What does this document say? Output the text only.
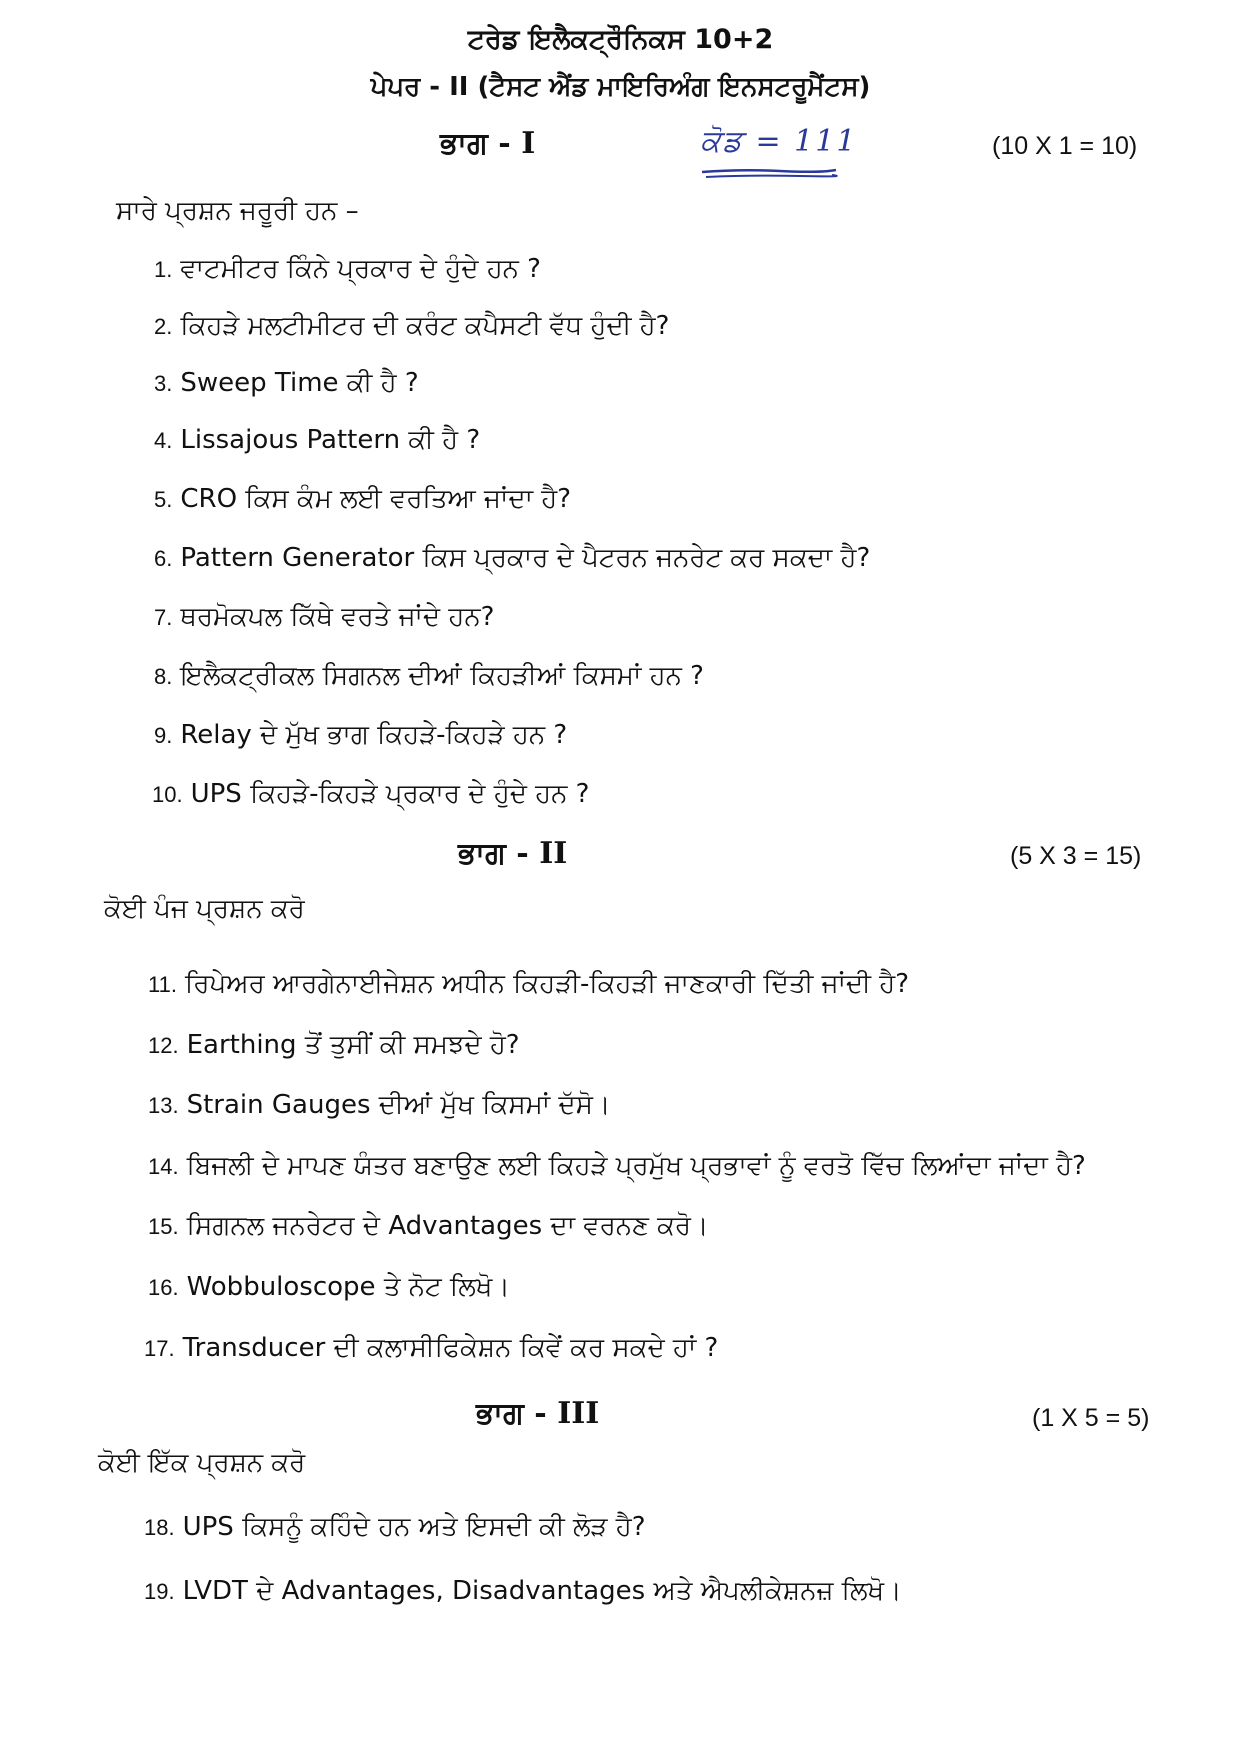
ਟਰੇਡ ਇਲੈਕਟ੍ਰੌਨਿਕਸ 10+2
ਪੇਪਰ - II (ਟੈਸਟ ਐਂਡ ਮਾਇਰਿਅੰਗ ਇਨਸਟਰੂਮੈਂਟਸ)
ਭਾਗ - I	ਕੋਡ = 111	(10 X 1 = 10)
ਸਾਰੇ ਪ੍ਰਸ਼ਨ ਜਰੂਰੀ ਹਨ –
1. ਵਾਟਮੀਟਰ ਕਿੰਨੇ ਪ੍ਰਕਾਰ ਦੇ ਹੁੰਦੇ ਹਨ ?
2. ਕਿਹੜੇ ਮਲਟੀਮੀਟਰ ਦੀ ਕਰੰਟ ਕਪੈਸਟੀ ਵੱਧ ਹੁੰਦੀ ਹੈ?
3. Sweep Time ਕੀ ਹੈ ?
4. Lissajous Pattern ਕੀ ਹੈ ?
5. CRO ਕਿਸ ਕੰਮ ਲਈ ਵਰਤਿਆ ਜਾਂਦਾ ਹੈ?
6. Pattern Generator ਕਿਸ ਪ੍ਰਕਾਰ ਦੇ ਪੈਟਰਨ ਜਨਰੇਟ ਕਰ ਸਕਦਾ ਹੈ?
7. ਥਰਮੋਕਪਲ ਕਿੱਥੇ ਵਰਤੇ ਜਾਂਦੇ ਹਨ?
8. ਇਲੈਕਟ੍ਰੀਕਲ ਸਿਗਨਲ ਦੀਆਂ ਕਿਹੜੀਆਂ ਕਿਸਮਾਂ ਹਨ ?
9. Relay ਦੇ ਮੁੱਖ ਭਾਗ ਕਿਹੜੇ-ਕਿਹੜੇ ਹਨ ?
10. UPS ਕਿਹੜੇ-ਕਿਹੜੇ ਪ੍ਰਕਾਰ ਦੇ ਹੁੰਦੇ ਹਨ ?
ਭਾਗ - II	(5 X 3 = 15)
ਕੋਈ ਪੰਜ ਪ੍ਰਸ਼ਨ ਕਰੋ
11. ਰਿਪੇਅਰ ਆਰਗੇਨਾਈਜੇਸ਼ਨ ਅਧੀਨ ਕਿਹੜੀ-ਕਿਹੜੀ ਜਾਣਕਾਰੀ ਦਿੱਤੀ ਜਾਂਦੀ ਹੈ?
12. Earthing ਤੋਂ ਤੁਸੀਂ ਕੀ ਸਮਝਦੇ ਹੋ?
13. Strain Gauges ਦੀਆਂ ਮੁੱਖ ਕਿਸਮਾਂ ਦੱਸੋ।
14. ਬਿਜਲੀ ਦੇ ਮਾਪਣ ਯੰਤਰ ਬਣਾਉਣ ਲਈ ਕਿਹੜੇ ਪ੍ਰਮੁੱਖ ਪ੍ਰਭਾਵਾਂ ਨੂੰ ਵਰਤੋ ਵਿੱਚ ਲਿਆਂਦਾ ਜਾਂਦਾ ਹੈ?
15. ਸਿਗਨਲ ਜਨਰੇਟਰ ਦੇ Advantages ਦਾ ਵਰਨਣ ਕਰੋ।
16. Wobbuloscope ਤੇ ਨੋਟ ਲਿਖੋ।
17. Transducer ਦੀ ਕਲਾਸੀਫਿਕੇਸ਼ਨ ਕਿਵੇਂ ਕਰ ਸਕਦੇ ਹਾਂ ?
ਭਾਗ - III	(1 X 5 = 5)
ਕੋਈ ਇੱਕ ਪ੍ਰਸ਼ਨ ਕਰੋ
18. UPS ਕਿਸਨੂੰ ਕਹਿੰਦੇ ਹਨ ਅਤੇ ਇਸਦੀ ਕੀ ਲੋੜ ਹੈ?
19. LVDT ਦੇ Advantages, Disadvantages ਅਤੇ ਐਪਲੀਕੇਸ਼ਨਜ਼ ਲਿਖੋ।
